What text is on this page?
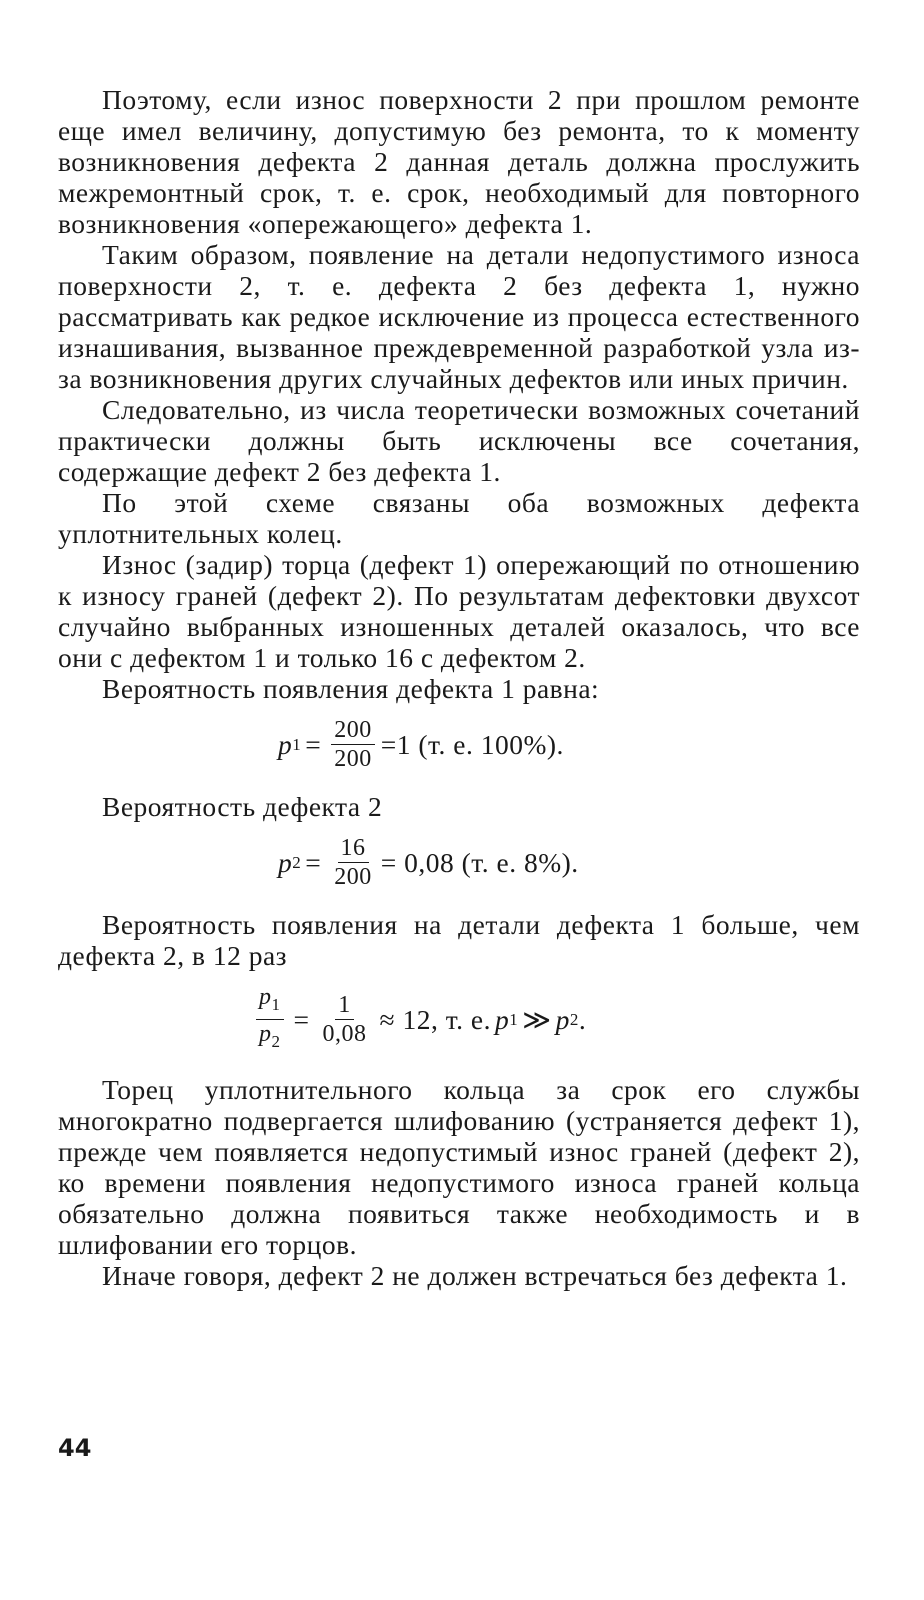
Поэтому, если износ поверхности 2 при прошлом ремонте еще имел величину, допустимую без ремонта, то к моменту возникновения дефекта 2 данная деталь должна прослужить межремонтный срок, т. е. срок, необходимый для повторного возникновения «опережающего» дефекта 1.

Таким образом, появление на детали недопустимого износа поверхности 2, т. е. дефекта 2 без дефекта 1, нужно рассматривать как редкое исключение из процесса естественного изнашивания, вызванное преждевременной разработкой узла из-за возникновения других случайных дефектов или иных причин.

Следовательно, из числа теоретически возможных сочетаний практически должны быть исключены все сочетания, содержащие дефект 2 без дефекта 1.

По этой схеме связаны оба возможных дефекта уплотнительных колец.

Износ (задир) торца (дефект 1) опережающий по отношению к износу граней (дефект 2). По результатам дефектовки двухсот случайно выбранных изношенных деталей оказалось, что все они с дефектом 1 и только 16 с дефектом 2.

Вероятность появления дефекта 1 равна:

p $1 = \frac{200}{200} =1$ (т. е. 100%).

Вероятность дефекта 2

p $2 = \frac{16}{200} = 0,08$ (т. е. 8%).

Вероятность появления на детали дефекта 1 больше, чем дефекта 2, в 12 раз

$\frac{p_1}{p_2} = \frac{1}{0,08} \approx 12$, т. е. p 1 ≫ p 2 .

Торец уплотнительного кольца за срок его службы многократно подвергается шлифованию (устраняется дефект 1), прежде чем появляется недопустимый износ граней (дефект 2), ко времени появления недопустимого износа граней кольца обязательно должна появиться также необходимость и в шлифовании его торцов.

Иначе говоря, дефект 2 не должен встречаться без дефекта 1.

44
